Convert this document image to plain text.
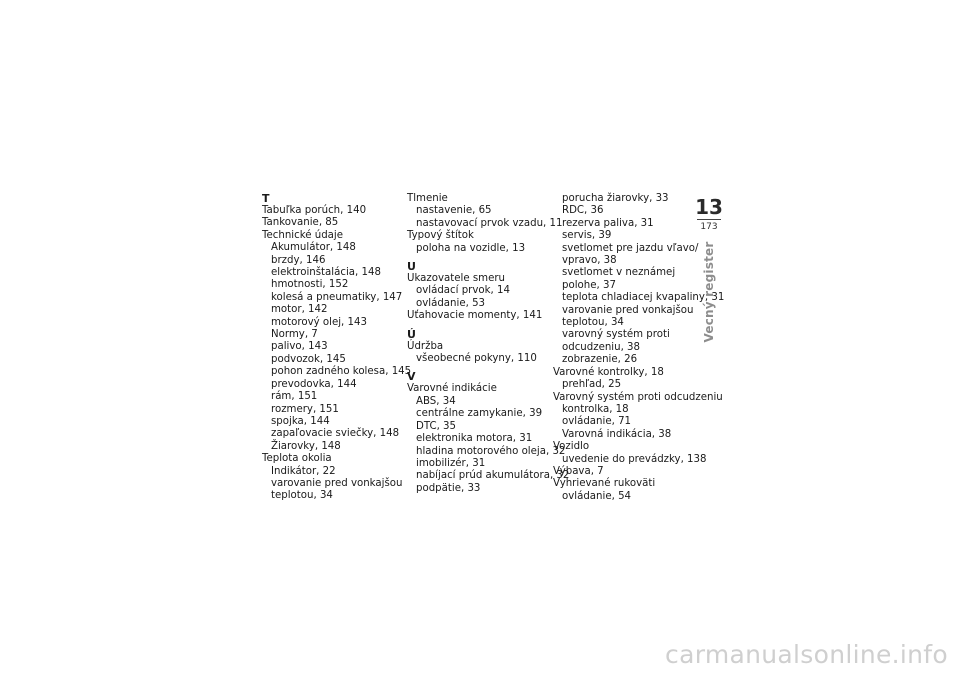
T
Tabuľka porúch, 140
Tankovanie, 85
Technické údaje
Akumulátor, 148
brzdy, 146
elektroinštalácia, 148
hmotnosti, 152
kolesá a pneumatiky, 147
motor, 142
motorový olej, 143
Normy, 7
palivo, 143
podvozok, 145
pohon zadného kolesa, 145
prevodovka, 144
rám, 151
rozmery, 151
spojka, 144
zapaľovacie sviečky, 148
Žiarovky, 148
Teplota okolia
Indikátor, 22
varovanie pred vonkajšou
teplotou, 34
Tlmenie
nastavenie, 65
nastavovací prvok vzadu, 11
Typový štítok
poloha na vozidle, 13
U
Ukazovatele smeru
ovládací prvok, 14
ovládanie, 53
Uťahovacie momenty, 141
Ú
Údržba
všeobecné pokyny, 110
V
Varovné indikácie
ABS, 34
centrálne zamykanie, 39
DTC, 35
elektronika motora, 31
hladina motorového oleja, 32
imobilizér, 31
nabíjací prúd akumulátora, 32
podpätie, 33
porucha žiarovky, 33
RDC, 36
rezerva paliva, 31
servis, 39
svetlomet pre jazdu vľavo/
vpravo, 38
svetlomet v neznámej
polohe, 37
teplota chladiacej kvapaliny, 31
varovanie pred vonkajšou
teplotou, 34
varovný systém proti
odcudzeniu, 38
zobrazenie, 26
Varovné kontrolky, 18
prehľad, 25
Varovný systém proti odcudzeniu
kontrolka, 18
ovládanie, 71
Varovná indikácia, 38
Vozidlo
uvedenie do prevádzky, 138
Výbava, 7
Vyhrievané rukoväti
ovládanie, 54
13
173
Vecný register
carmanualsonline.info
